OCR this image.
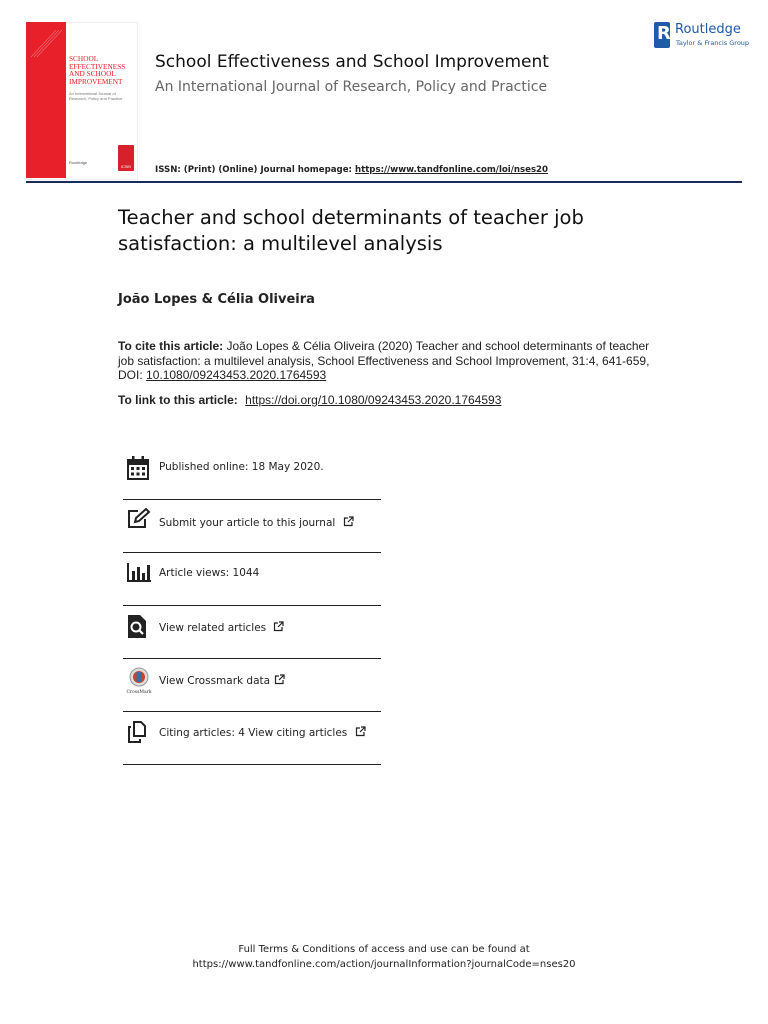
SCHOOL EFFECTIVENESS AND SCHOOL IMPROVEMENT
An International Journal of Research, Policy and Practice
Routledge
ICSEI
School Effectiveness and School Improvement
An International Journal of Research, Policy and Practice
ISSN: (Print) (Online) Journal homepage: https://www.tandfonline.com/loi/nses20
R Routledge
Taylor & Francis Group
Teacher and school determinants of teacher job satisfaction: a multilevel analysis
João Lopes & Célia Oliveira
To cite this article: João Lopes & Célia Oliveira (2020) Teacher and school determinants of teacher job satisfaction: a multilevel analysis, School Effectiveness and School Improvement, 31:4, 641-659, DOI: 10.1080/09243453.2020.1764593
To link to this article: https://doi.org/10.1080/09243453.2020.1764593
Published online: 18 May 2020.
Submit your article to this journal
Article views: 1044
View related articles
CrossMark
View Crossmark data
Citing articles: 4 View citing articles
Full Terms & Conditions of access and use can be found at
https://www.tandfonline.com/action/journalInformation?journalCode=nses20
